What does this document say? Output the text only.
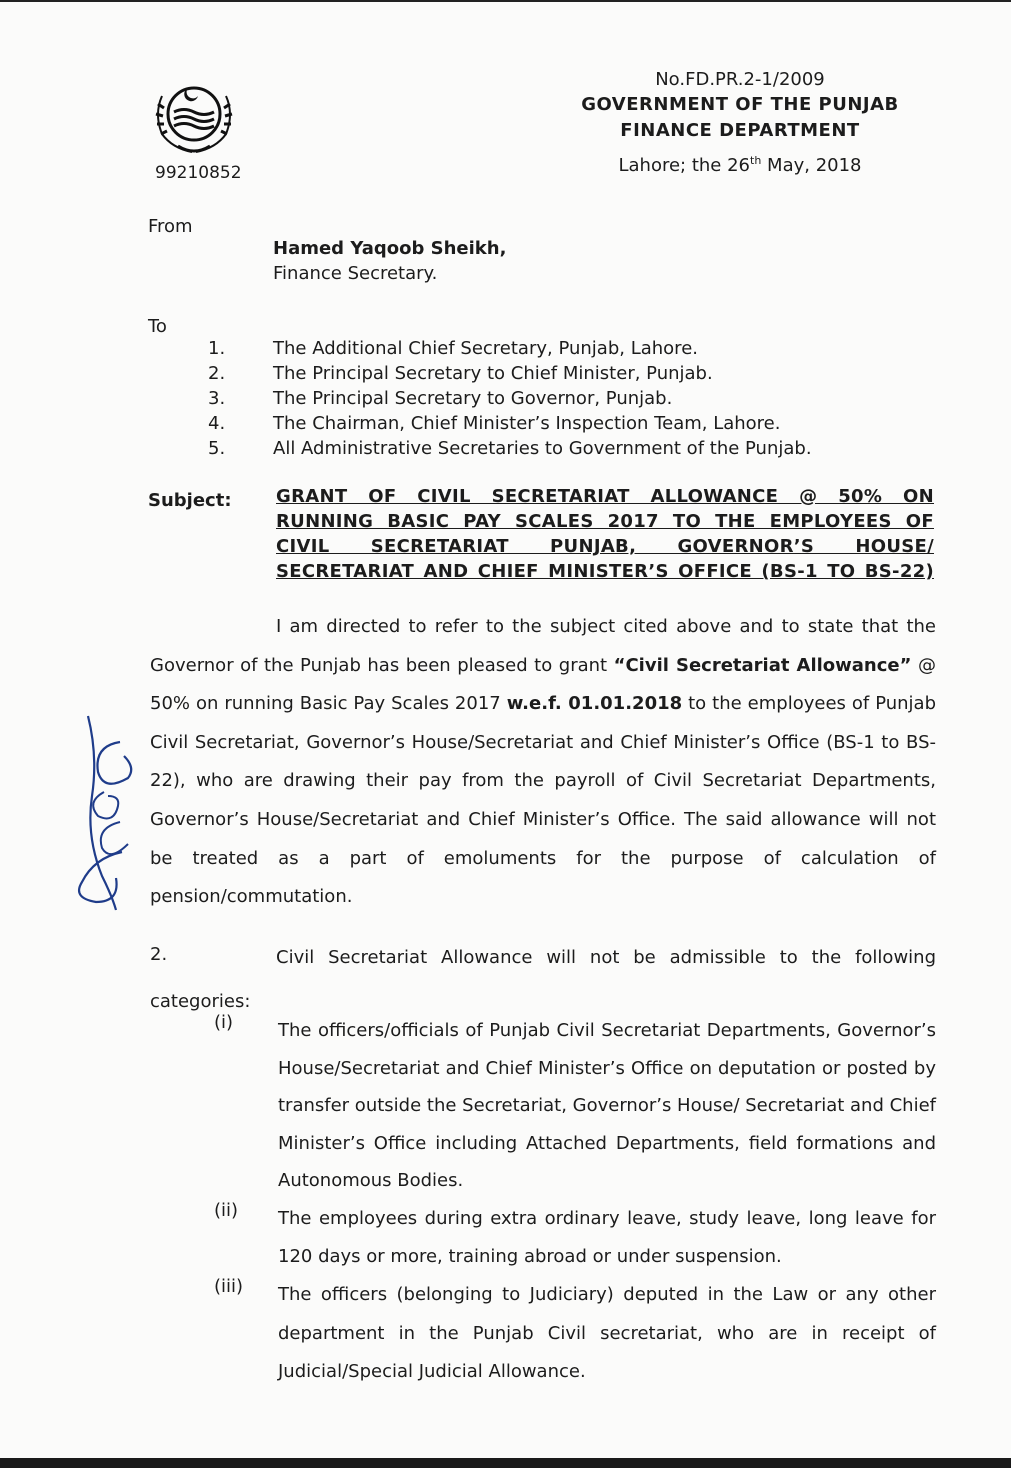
99210852
No.FD.PR.2-1/2009
GOVERNMENT OF THE PUNJAB
FINANCE DEPARTMENT
Lahore; the 26th May, 2018
From
Hamed Yaqoob Sheikh,
Finance Secretary.
To
1.	The Additional Chief Secretary, Punjab, Lahore.
2.	The Principal Secretary to Chief Minister, Punjab.
3.	The Principal Secretary to Governor, Punjab.
4.	The Chairman, Chief Minister’s Inspection Team, Lahore.
5.	All Administrative Secretaries to Government of the Punjab.
Subject: GRANT OF CIVIL SECRETARIAT ALLOWANCE @ 50% ON RUNNING BASIC PAY SCALES 2017 TO THE EMPLOYEES OF CIVIL SECRETARIAT PUNJAB, GOVERNOR’S HOUSE/ SECRETARIAT AND CHIEF MINISTER’S OFFICE (BS-1 TO BS-22)

I am directed to refer to the subject cited above and to state that the Governor of the Punjab has been pleased to grant “Civil Secretariat Allowance” @ 50% on running Basic Pay Scales 2017 w.e.f. 01.01.2018 to the employees of Punjab Civil Secretariat, Governor’s House/Secretariat and Chief Minister’s Office (BS-1 to BS-22), who are drawing their pay from the payroll of Civil Secretariat Departments, Governor’s House/Secretariat and Chief Minister’s Office. The said allowance will not be treated as a part of emoluments for the purpose of calculation of pension/commutation.

2.	Civil Secretariat Allowance will not be admissible to the following categories:

(i) The officers/officials of Punjab Civil Secretariat Departments, Governor’s House/Secretariat and Chief Minister’s Office on deputation or posted by transfer outside the Secretariat, Governor’s House/ Secretariat and Chief Minister’s Office including Attached Departments, field formations and Autonomous Bodies.

(ii) The employees during extra ordinary leave, study leave, long leave for 120 days or more, training abroad or under suspension.

(iii) The officers (belonging to Judiciary) deputed in the Law or any other department in the Punjab Civil secretariat, who are in receipt of Judicial/Special Judicial Allowance.
